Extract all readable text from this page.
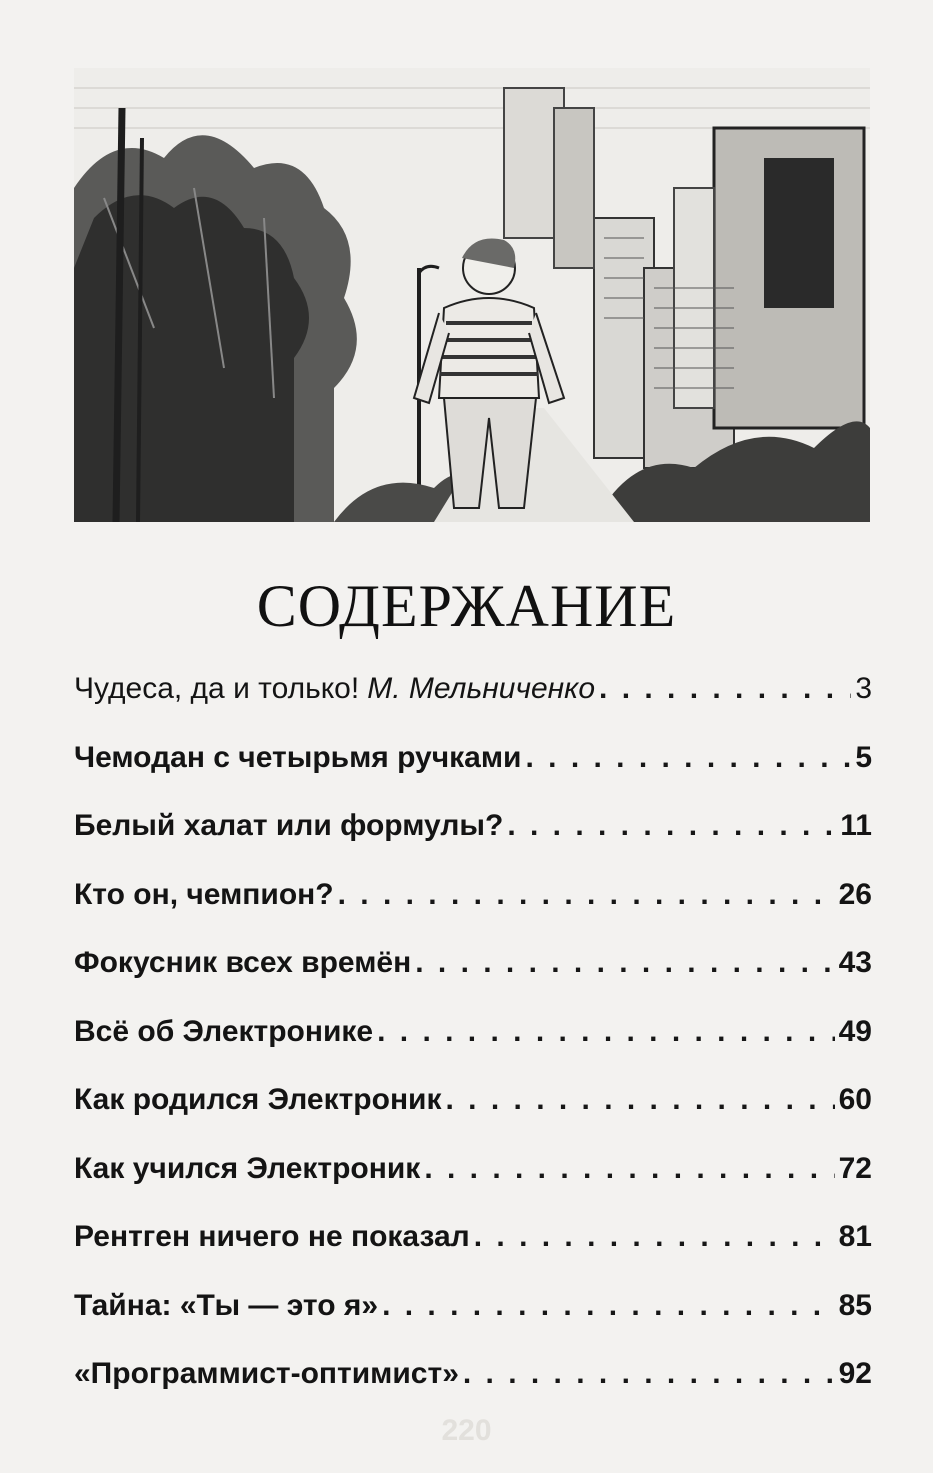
СОДЕРЖАНИЕ
Чудеса, да и только! М. Мельниченко . . .	3
Чемодан с четырьмя ручками . . .	5
Белый халат или формулы? . . .	11
Кто он, чемпион? . . .	26
Фокусник всех времён . . .	43
Всё об Электронике . . .	49
Как родился Электроник . . .	60
Как учился Электроник . . .	72
Рентген ничего не показал . . .	81
Тайна: «Ты — это я» . . .	85
«Программист-оптимист» . . .	92
220
